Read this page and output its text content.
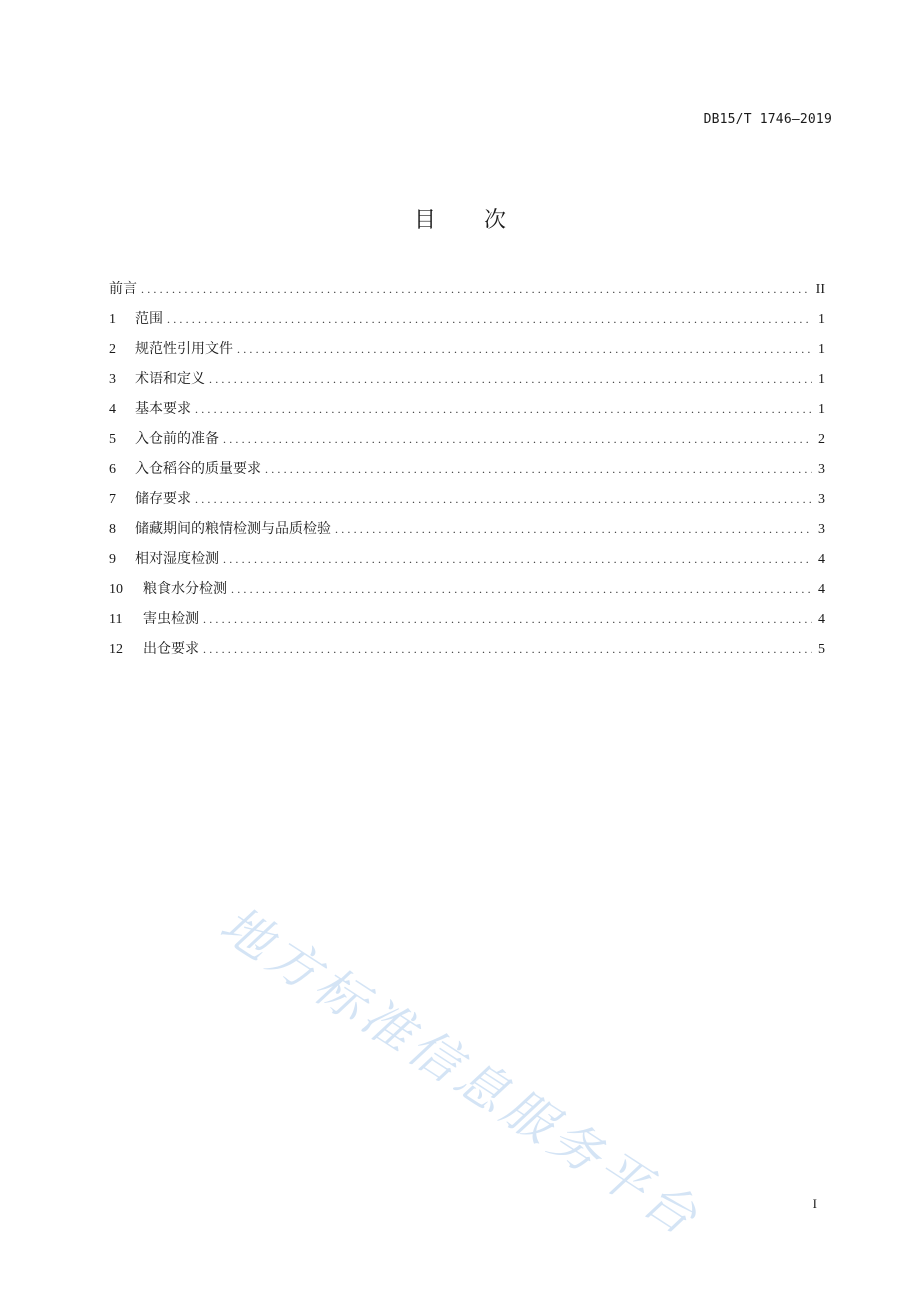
DB15/T 1746—2019
目次
前言 .....	II
1	范围 .....	1
2	规范性引用文件 .....	1
3	术语和定义 .....	1
4	基本要求 .....	1
5	入仓前的准备 .....	2
6	入仓稻谷的质量要求 .....	3
7	储存要求 .....	3
8	储藏期间的粮情检测与品质检验 .....	3
9	相对湿度检测 .....	4
10	粮食水分检测 .....	4
11	害虫检测 .....	4
12	出仓要求 .....	5
地方标准信息服务平台	I
